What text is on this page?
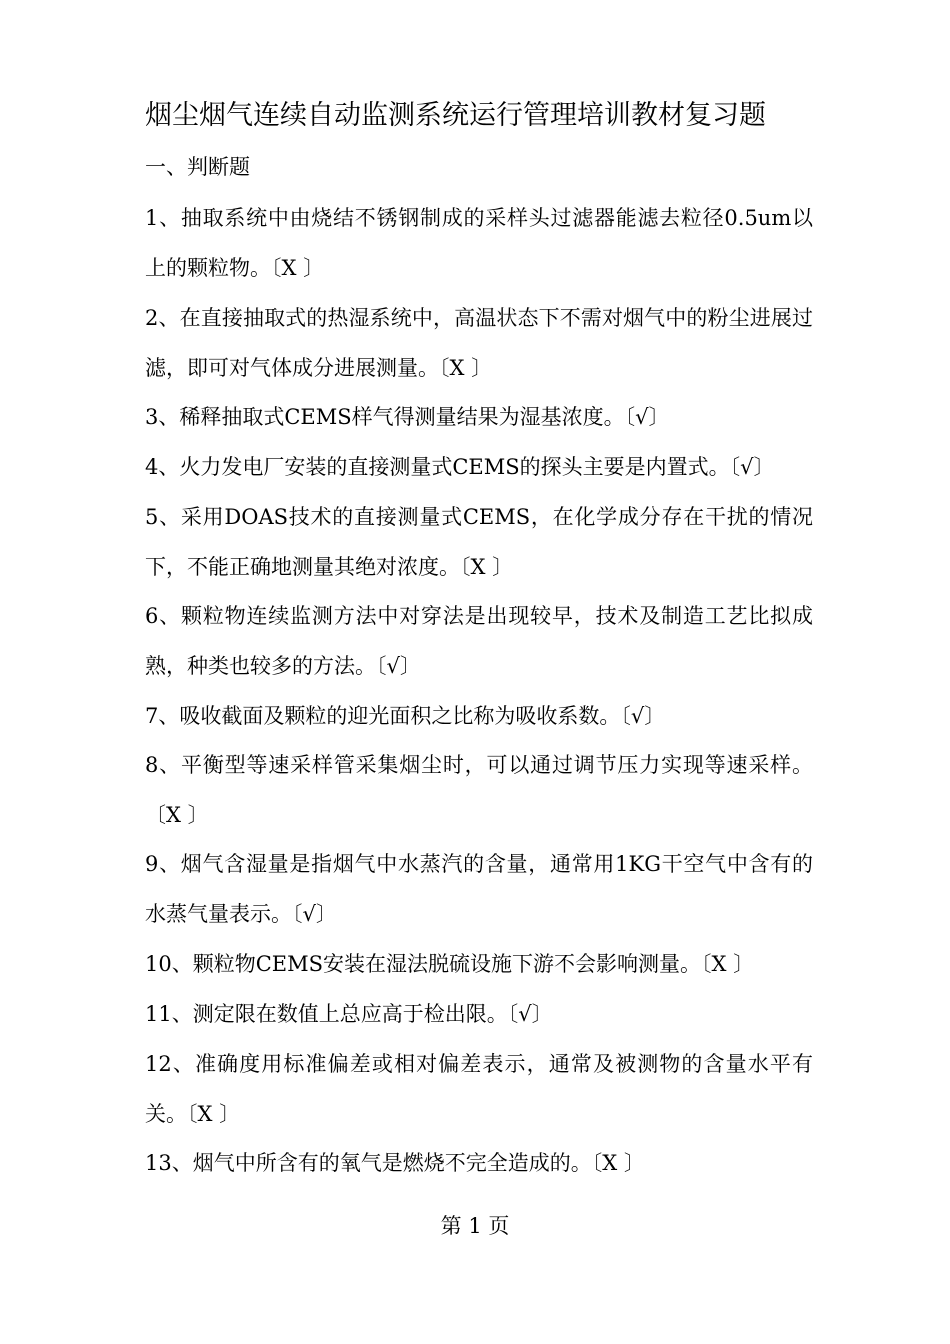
烟尘烟气连续自动监测系统运行管理培训教材复习题
一、判断题
1、抽取系统中由烧结不锈钢制成的采样头过滤器能滤去粒径0.5um以上的颗粒物。〔X 〕
2、在直接抽取式的热湿系统中，高温状态下不需对烟气中的粉尘进展过滤，即可对气体成分进展测量。〔X 〕
3、稀释抽取式CEMS样气得测量结果为湿基浓度。〔√〕
4、火力发电厂安装的直接测量式CEMS的探头主要是内置式。〔√〕
5、采用DOAS技术的直接测量式CEMS，在化学成分存在干扰的情况下，不能正确地测量其绝对浓度。〔X 〕
6、颗粒物连续监测方法中对穿法是出现较早，技术及制造工艺比拟成熟，种类也较多的方法。〔√〕
7、吸收截面及颗粒的迎光面积之比称为吸收系数。〔√〕
8、平衡型等速采样管采集烟尘时，可以通过调节压力实现等速采样。〔X 〕
9、烟气含湿量是指烟气中水蒸汽的含量，通常用1KG干空气中含有的水蒸气量表示。〔√〕
10、颗粒物CEMS安装在湿法脱硫设施下游不会影响测量。〔X 〕
11、测定限在数值上总应高于检出限。〔√〕
12、准确度用标准偏差或相对偏差表示，通常及被测物的含量水平有关。〔X 〕
13、烟气中所含有的氧气是燃烧不完全造成的。〔X 〕
第 1 页
